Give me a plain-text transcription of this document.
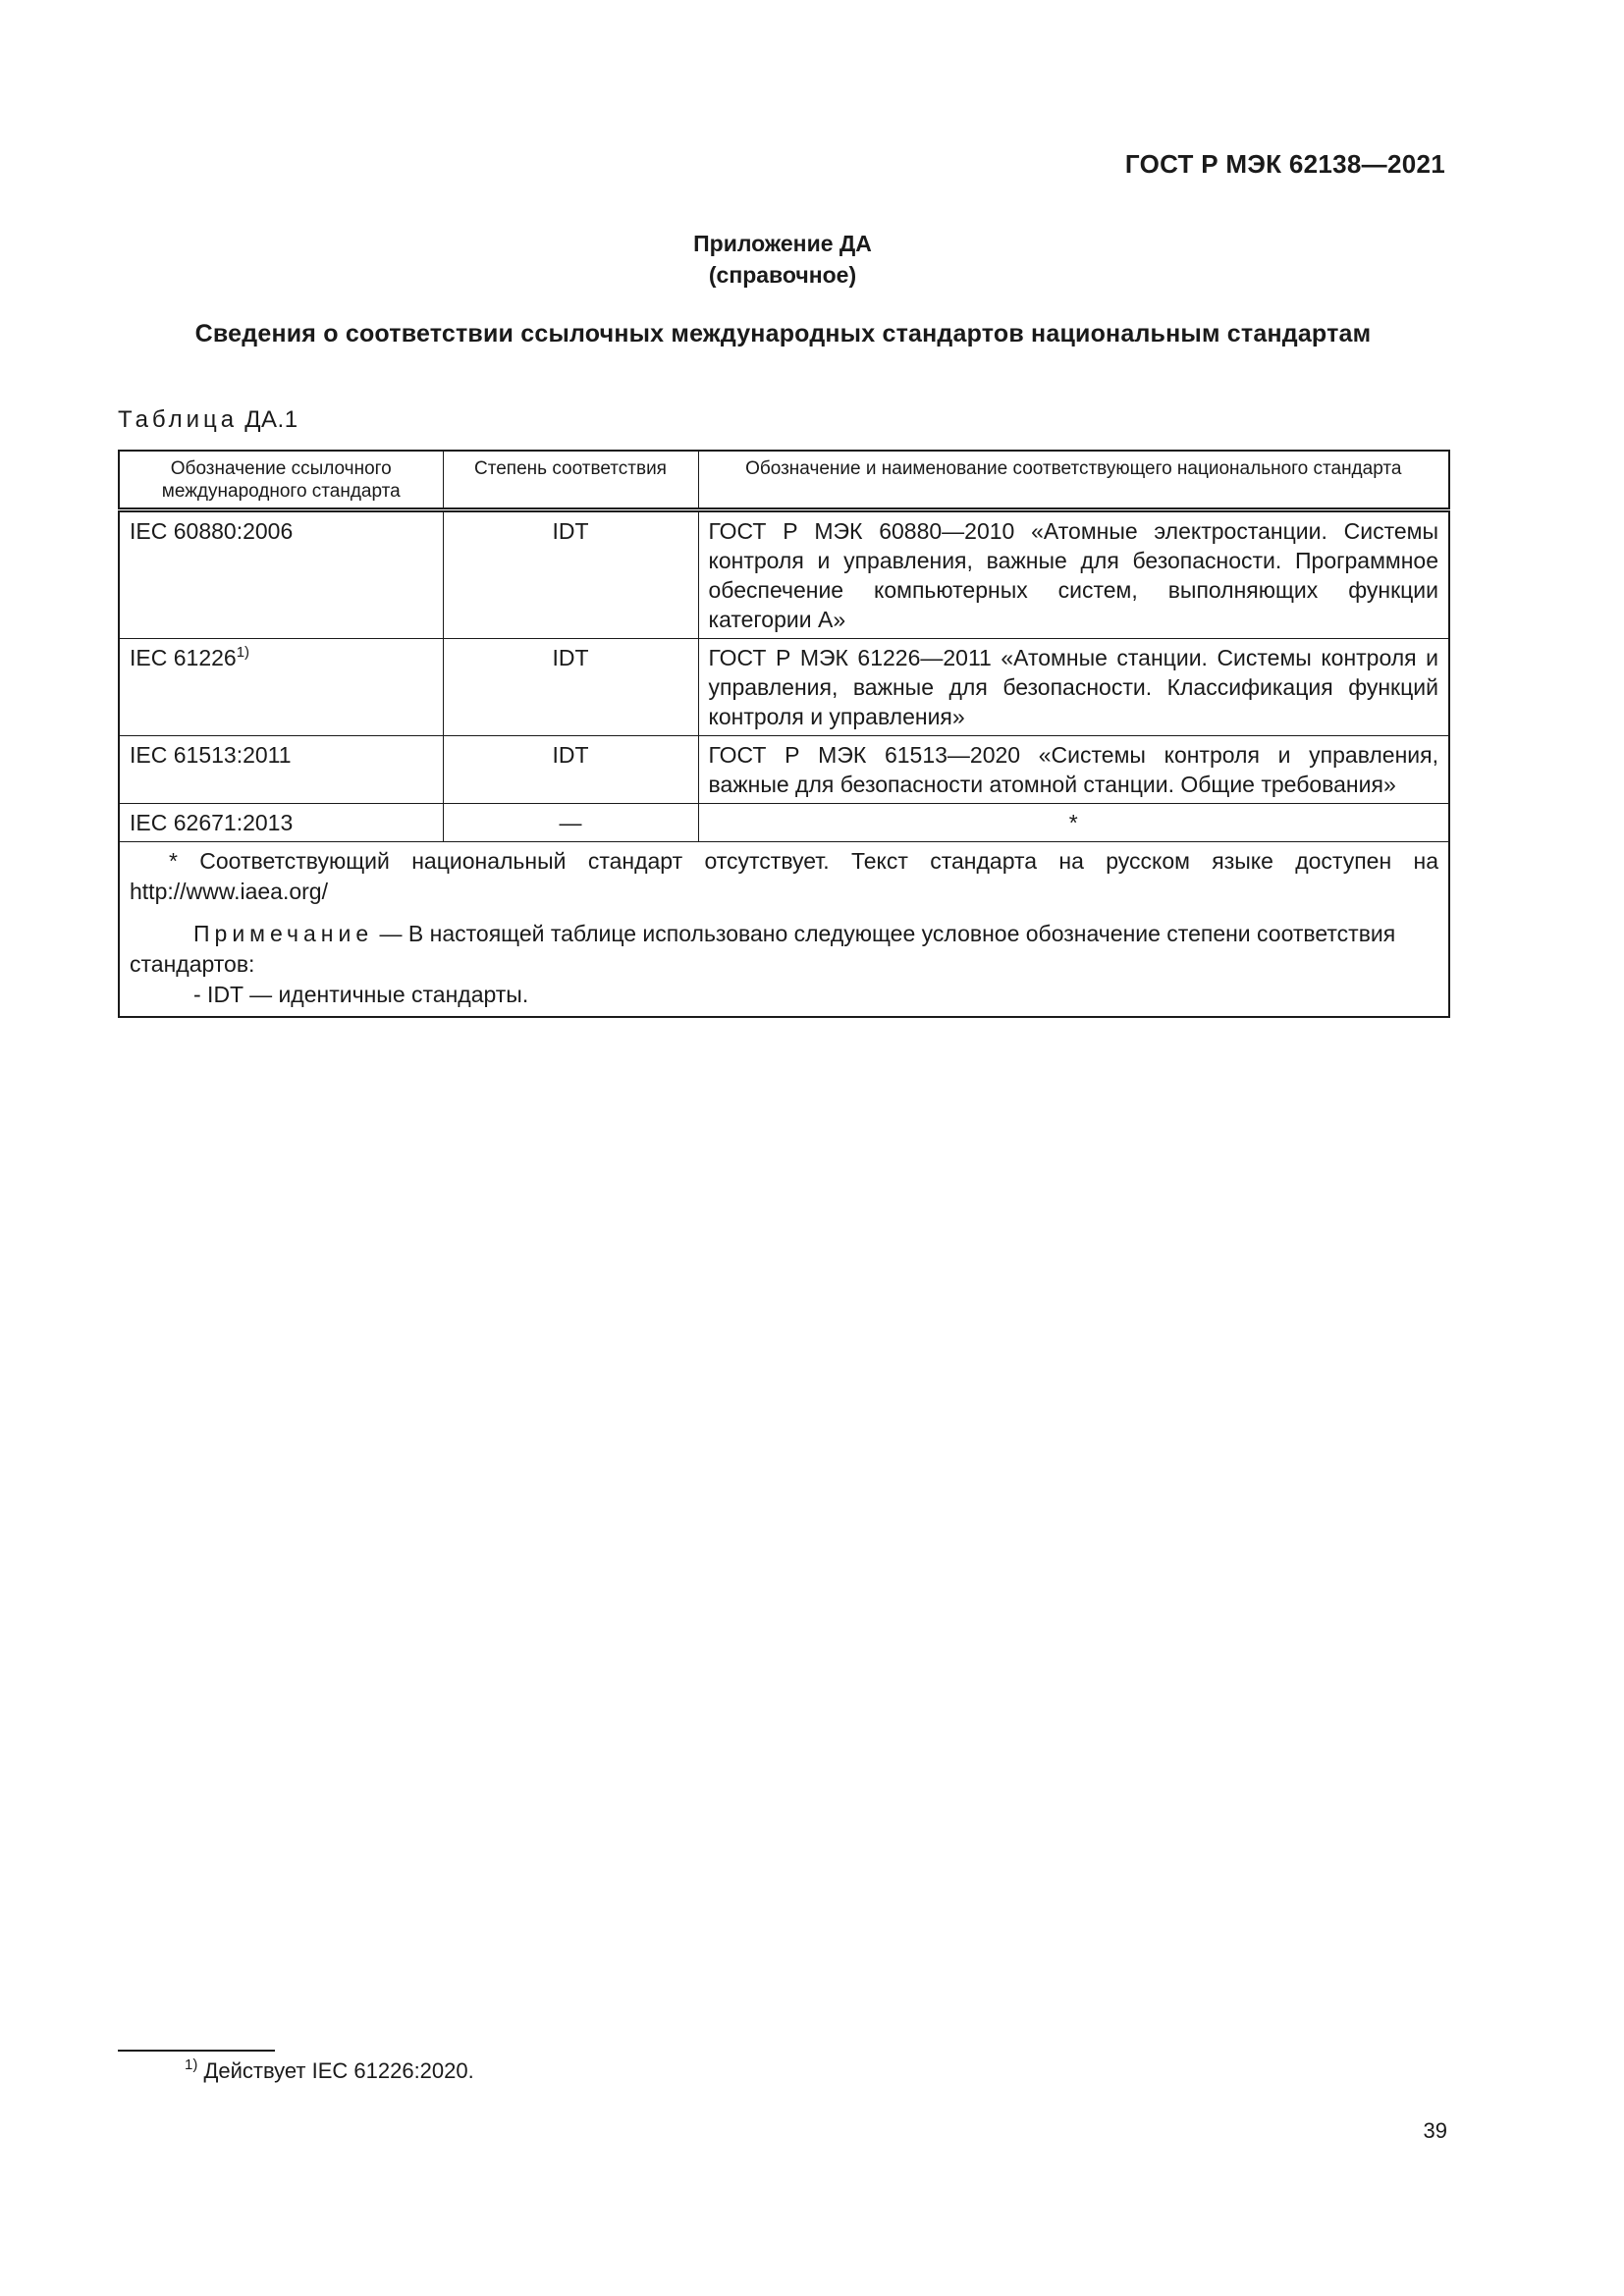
ГОСТ Р МЭК 62138—2021
Приложение ДА
(справочное)
Сведения о соответствии ссылочных международных стандартов национальным стандартам
Таблица ДА.1
Обозначение ссылочного международного стандарта	Степень соответствия	Обозначение и наименование соответствующего национального стандарта
IEC 60880:2006	IDT	ГОСТ Р МЭК 60880—2010 «Атомные электростанции. Системы контроля и управления, важные для безопасности. Программное обеспечение компьютерных систем, выполняющих функции категории А»
IEC 61226$^{1)}$	IDT	ГОСТ Р МЭК 61226—2011 «Атомные станции. Системы контроля и управления, важные для безопасности. Классификация функций контроля и управления»
IEC 61513:2011	IDT	ГОСТ Р МЭК 61513—2020 «Системы контроля и управления, важные для безопасности атомной станции. Общие требования»
IEC 62671:2013	—	*

* Соответствующий национальный стандарт отсутствует. Текст стандарта на русском языке доступен на http://www.iaea.org/

Примечание — В настоящей таблице использовано следующее условное обозначение степени соответствия стандартов:

- IDT — идентичные стандарты.		

$^{1)}$ Действует IEC 61226:2020.
39
